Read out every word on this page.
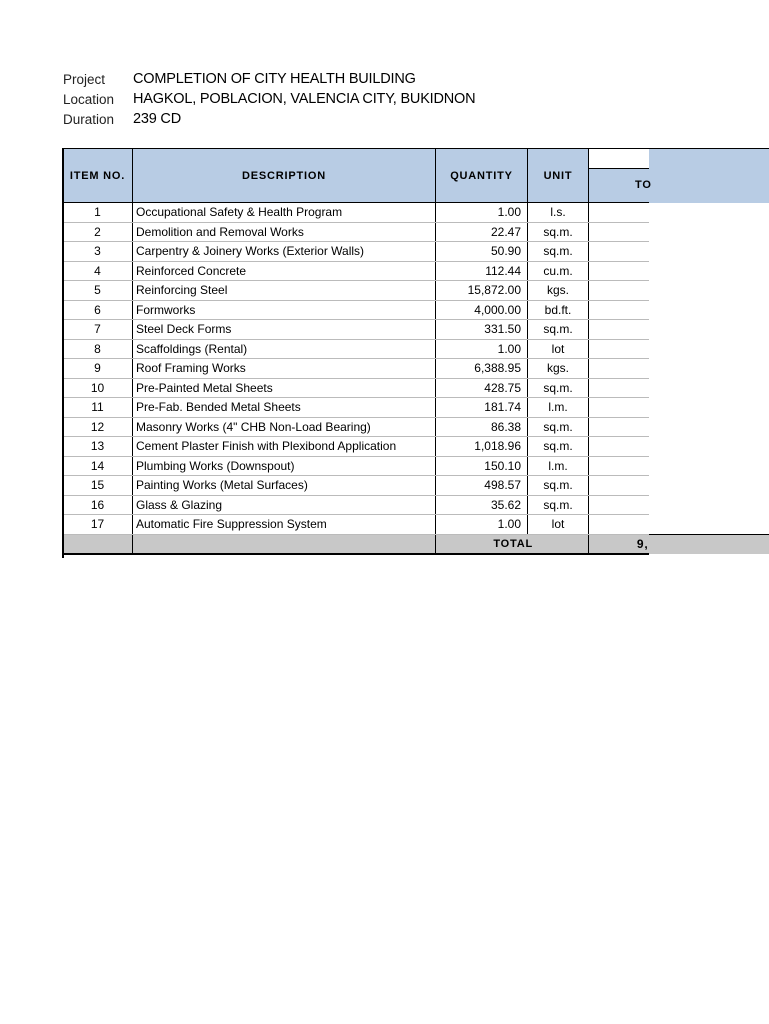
Project	COMPLETION OF CITY HEALTH BUILDING
Location	HAGKOL, POBLACION, VALENCIA CITY, BUKIDNON
Duration	239 CD
ITEM NO.	DESCRIPTION	QUANTITY	UNIT		
				TO	
1	Occupational Safety & Health Program	1.00	l.s.		
2	Demolition and Removal Works	22.47	sq.m.		
3	Carpentry & Joinery Works (Exterior Walls)	50.90	sq.m.		
4	Reinforced Concrete	112.44	cu.m.		
5	Reinforcing Steel	15,872.00	kgs.		
6	Formworks	4,000.00	bd.ft.		
7	Steel Deck Forms	331.50	sq.m.		
8	Scaffoldings (Rental)	1.00	lot		
9	Roof Framing Works	6,388.95	kgs.		
10	Pre-Painted Metal Sheets	428.75	sq.m.		
11	Pre-Fab. Bended Metal Sheets	181.74	l.m.		
12	Masonry Works (4" CHB Non-Load Bearing)	86.38	sq.m.		
13	Cement Plaster Finish with Plexibond Application	1,018.96	sq.m.		
14	Plumbing Works (Downspout)	150.10	l.m.		
15	Painting Works (Metal Surfaces)	498.57	sq.m.		
16	Glass & Glazing	35.62	sq.m.		
17	Automatic Fire Suppression System	1.00	lot		
		TOTAL		9,	
